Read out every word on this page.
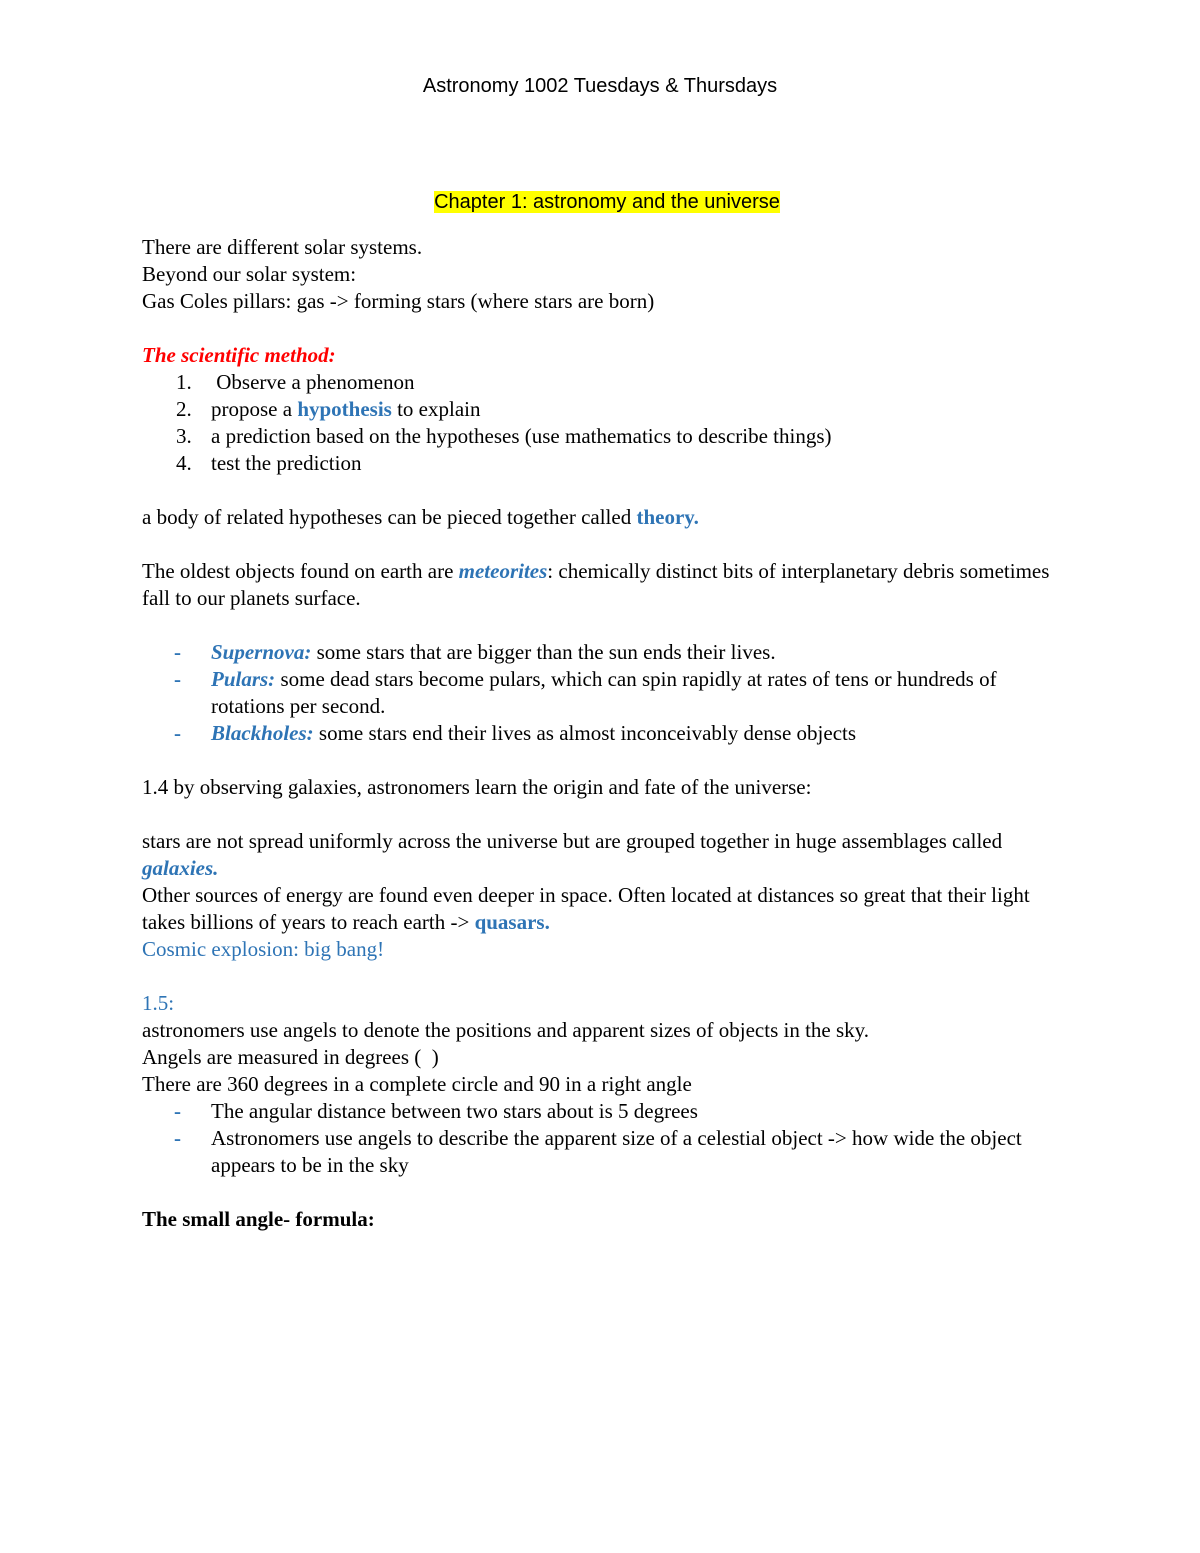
Astronomy 1002 Tuesdays & Thursdays

Chapter 1: astronomy and the universe

There are different solar systems.

Beyond our solar system:

Gas Coles pillars: gas -> forming stars (where stars are born)

The scientific method:

1. Observe a phenomenon
2. propose a hypothesis to explain
3. a prediction based on the hypotheses (use mathematics to describe things)
4. test the prediction

a body of related hypotheses can be pieced together called theory.

The oldest objects found on earth are meteorites: chemically distinct bits of interplanetary debris sometimes fall to our planets surface.

- Supernova: some stars that are bigger than the sun ends their lives.
- Pulars: some dead stars become pulars, which can spin rapidly at rates of tens or hundreds of rotations per second.
- Blackholes: some stars end their lives as almost inconceivably dense objects

1.4 by observing galaxies, astronomers learn the origin and fate of the universe:

stars are not spread uniformly across the universe but are grouped together in huge assemblages called galaxies.

Other sources of energy are found even deeper in space. Often located at distances so great that their light takes billions of years to reach earth -> quasars.

Cosmic explosion: big bang!

1.5:

astronomers use angels to denote the positions and apparent sizes of objects in the sky.

Angels are measured in degrees (  )

There are 360 degrees in a complete circle and 90 in a right angle

- The angular distance between two stars about is 5 degrees
- Astronomers use angels to describe the apparent size of a celestial object -> how wide the object appears to be in the sky

The small angle- formula:
